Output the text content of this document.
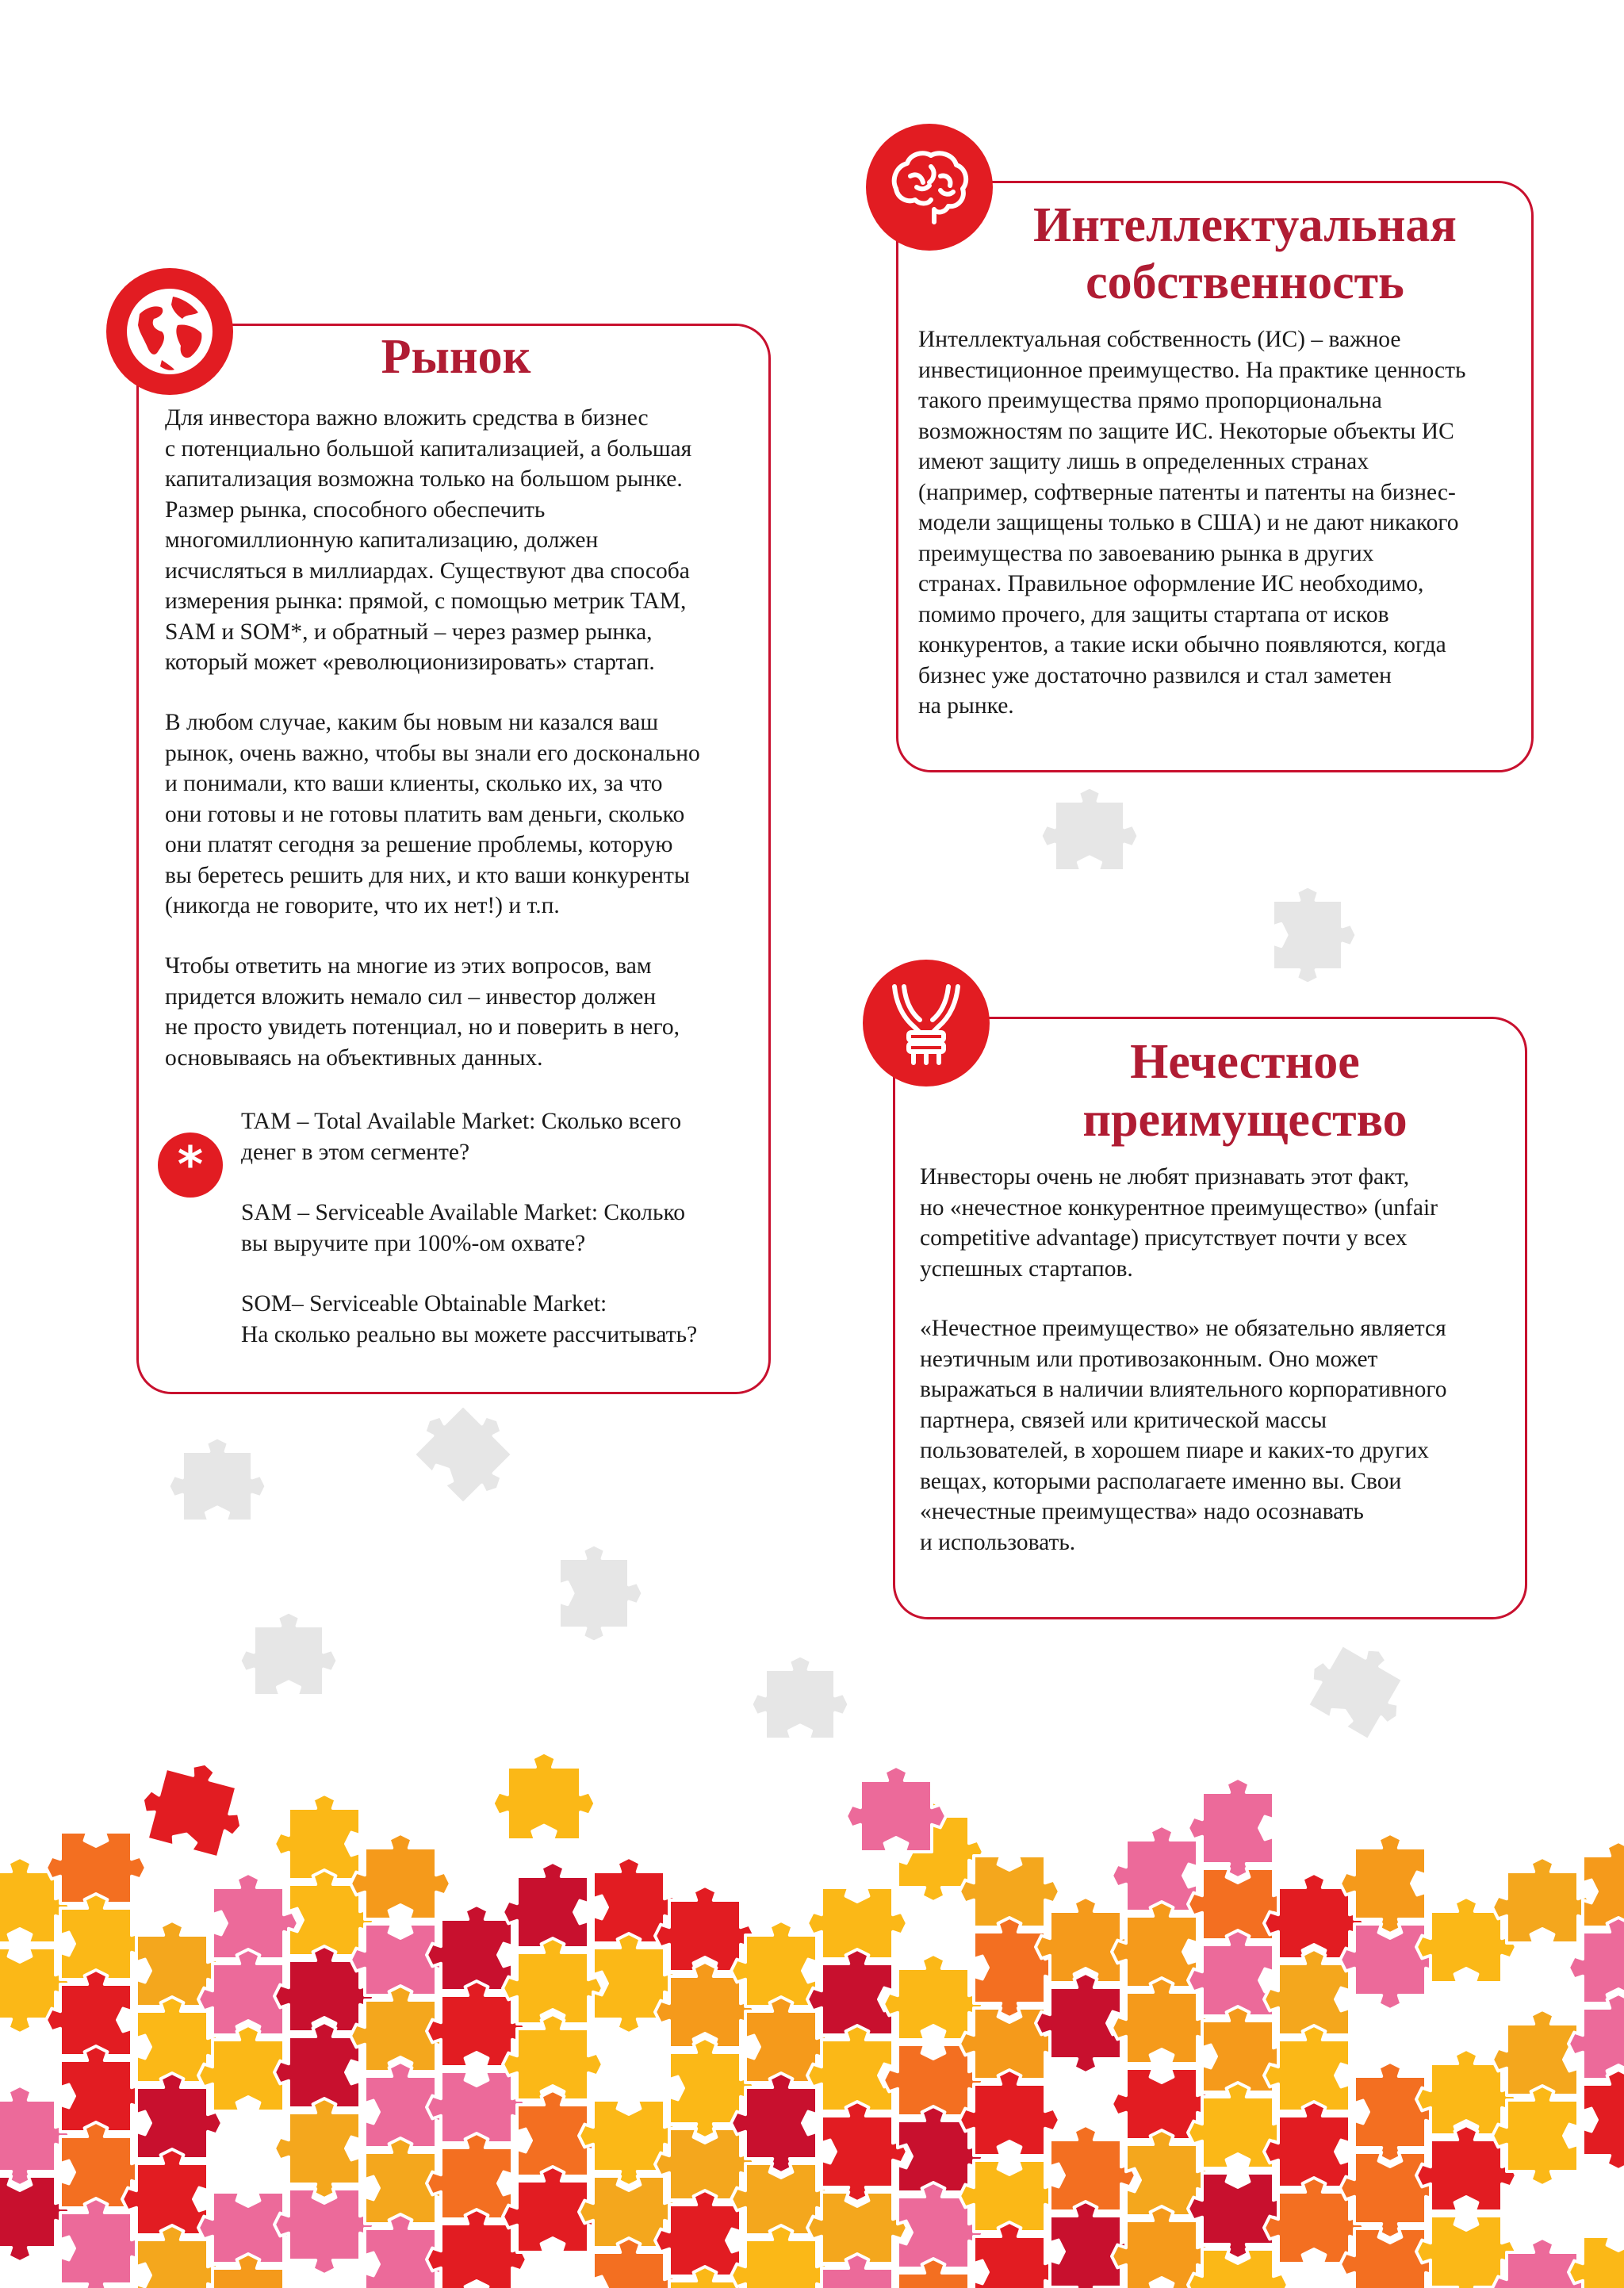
Рынок
Для инвестора важно вложить средства в бизнес
с потенциально большой капитализацией, а большая
капитализация возможна только на большом рынке.
Размер рынка, способного обеспечить
многомиллионную капитализацию, должен
исчисляться в миллиардах. Существуют два способа
измерения рынка: прямой, с помощью метрик TAM,
SAM и SOM*, и обратный – через размер рынка,
который может «революционизировать» стартап.
В любом случае, каким бы новым ни казался ваш
рынок, очень важно, чтобы вы знали его досконально
и понимали, кто ваши клиенты, сколько их, за что
они готовы и не готовы платить вам деньги, сколько
они платят сегодня за решение проблемы, которую
вы беретесь решить для них, и кто ваши конкуренты
(никогда не говорите, что их нет!) и т.п.
Чтобы ответить на многие из этих вопросов, вам
придется вложить немало сил – инвестор должен
не просто увидеть потенциал, но и поверить в него,
основываясь на объективных данных.
*
TAM – Total Available Market: Сколько всего
денег в этом сегменте?
SAM – Serviceable Available Market: Сколько
вы выручите при 100%-ом охвате?
SOM– Serviceable Obtainable Market:
На сколько реально вы можете рассчитывать?
Интеллектуальная
собственность
Интеллектуальная собственность (ИС) – важное
инвестиционное преимущество. На практике ценность
такого преимущества прямо пропорциональна
возможностям по защите ИС. Некоторые объекты ИС
имеют защиту лишь в определенных странах
(например, софтверные патенты и патенты на бизнес-
модели защищены только в США) и не дают никакого
преимущества по завоеванию рынка в других
странах. Правильное оформление ИС необходимо,
помимо прочего, для защиты стартапа от исков
конкурентов, а такие иски обычно появляются, когда
бизнес уже достаточно развился и стал заметен
на рынке.
Нечестное
преимущество
Инвесторы очень не любят признавать этот факт,
но «нечестное конкурентное преимущество» (unfair
competitive advantage) присутствует почти у всех
успешных стартапов.
«Нечестное преимущество» не обязательно является
неэтичным или противозаконным. Оно может
выражаться в наличии влиятельного корпоративного
партнера, связей или критической массы
пользователей, в хорошем пиаре и каких-то других
вещах, которыми располагаете именно вы. Свои
«нечестные преимущества» надо осознавать
и использовать.
